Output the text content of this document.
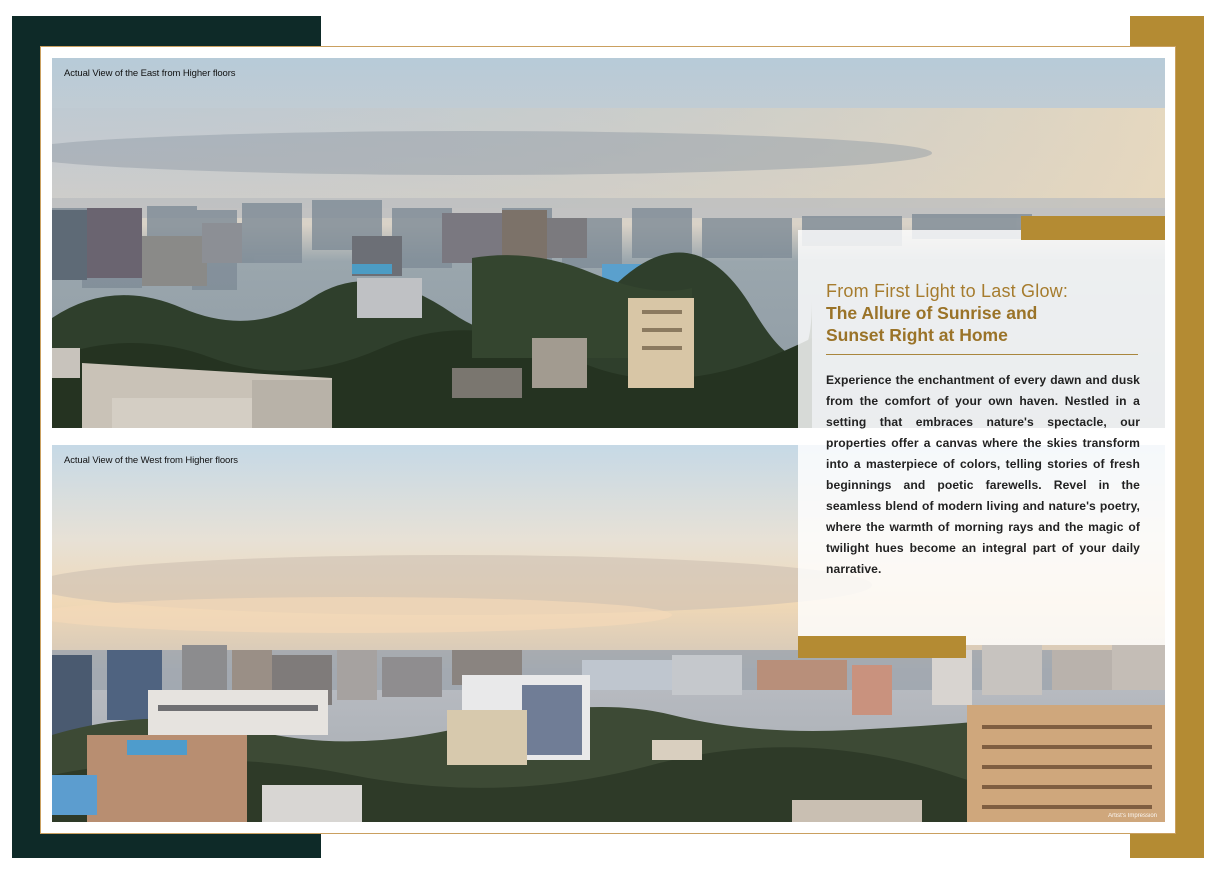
Actual View of the East from Higher floors
Actual View of the West from Higher floors
Artist's Impression
From First Light to Last Glow:
The Allure of Sunrise and
Sunset Right at Home
Experience the enchantment of every dawn and dusk from the comfort of your own haven. Nestled in a setting that embraces nature's spectacle, our properties offer a canvas where the skies transform into a masterpiece of colors, telling stories of fresh beginnings and poetic farewells. Revel in the seamless blend of modern living and nature's poetry, where the warmth of morning rays and the magic of twilight hues become an integral part of your daily narrative.
